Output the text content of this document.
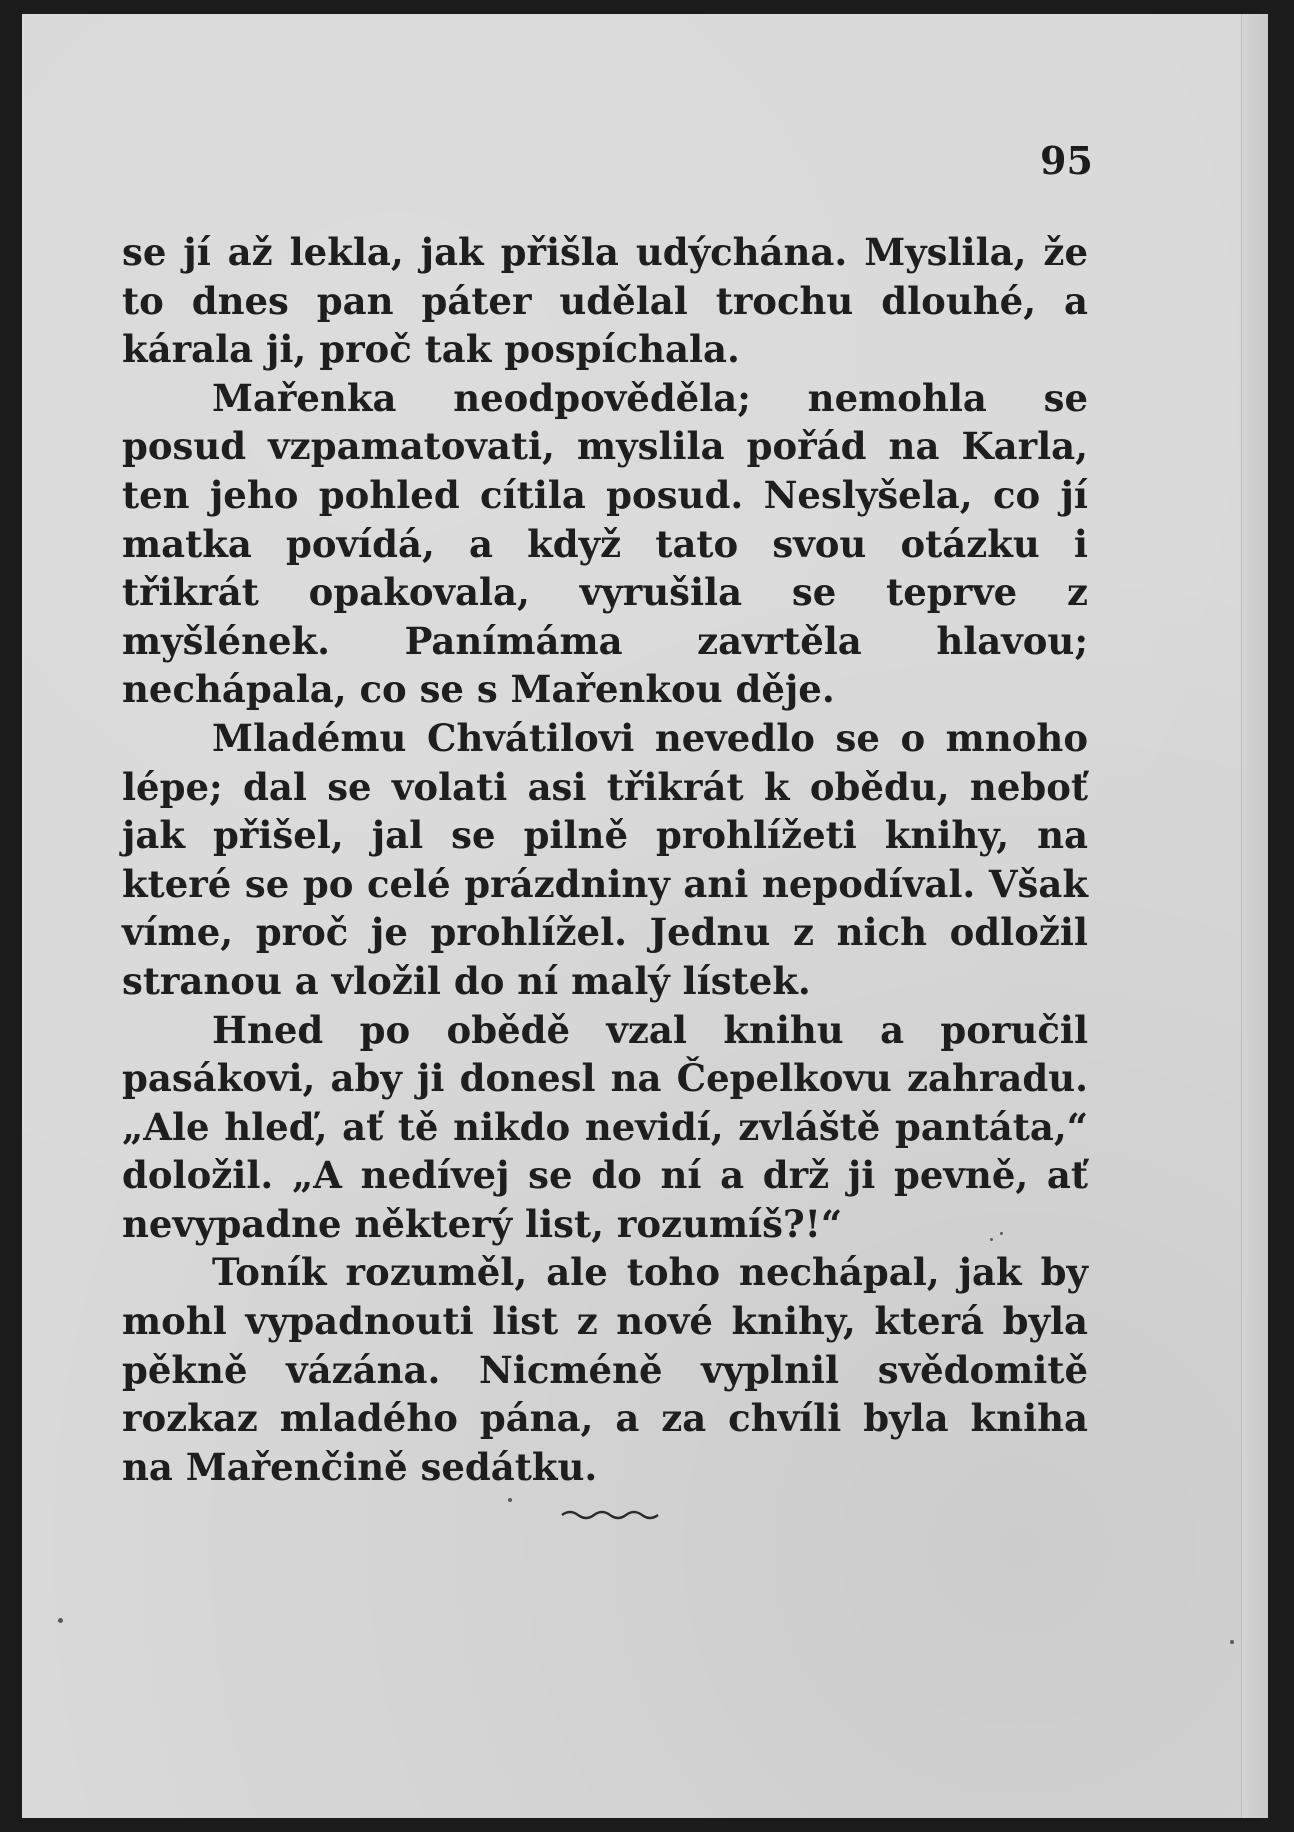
95

se jí až lekla, jak přišla udýchána. Myslila, že to dnes pan páter udělal trochu dlouhé, a kárala ji, proč tak pospíchala.

Mařenka neodpověděla; nemohla se posud vzpamatovati, myslila pořád na Karla, ten jeho pohled cítila posud. Neslyšela, co jí matka povídá, a když tato svou otázku i třikrát opakovala, vyrušila se teprve z myšlének. Panímáma zavrtěla hlavou; nechápala, co se s Mařenkou děje.

Mladému Chvátilovi nevedlo se o mnoho lépe; dal se volati asi třikrát k obědu, neboť jak přišel, jal se pilně prohlížeti knihy, na které se po celé prázdniny ani nepodíval. Však víme, proč je prohlížel. Jednu z nich odložil stranou a vložil do ní malý lístek.

Hned po obědě vzal knihu a poručil pasákovi, aby ji donesl na Čepelkovu zahradu. „Ale hleď, ať tě nikdo nevidí, zvláště pantáta,“ doložil. „A nedívej se do ní a drž ji pevně, ať nevypadne některý list, rozumíš?!“

Toník rozuměl, ale toho nechápal, jak by mohl vypadnouti list z nové knihy, která byla pěkně vázána. Nicméně vyplnil svědomitě rozkaz mladého pána, a za chvíli byla kniha na Mařenčině sedátku.
